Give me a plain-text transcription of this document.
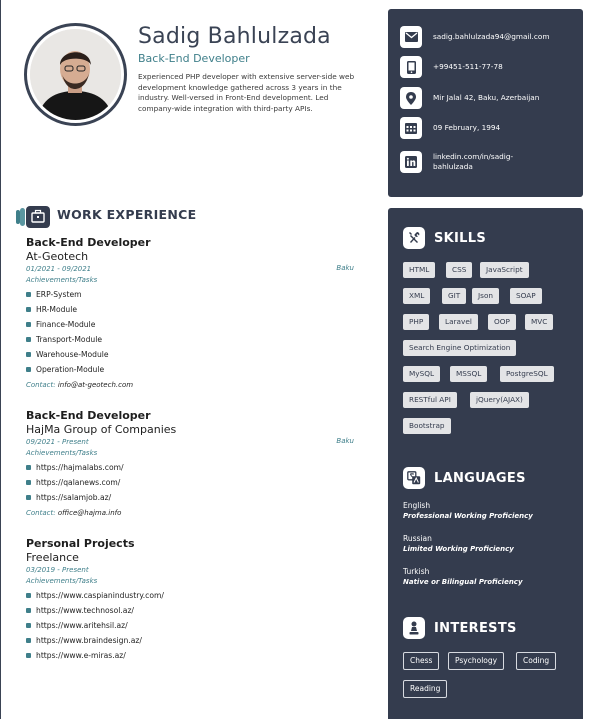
Sadig Bahlulzada
Back-End Developer
Experienced PHP developer with extensive server-side web development knowledge gathered across 3 years in the industry. Well-versed in Front-End development. Led company-wide integration with third-party APIs.
sadig.bahlulzada94@gmail.com
+99451-511-77-78
Mir Jalal 42, Baku, Azerbaijan
09 February, 1994
linkedin.com/in/sadig-bahlulzada
WORK EXPERIENCE
Back-End Developer
At-Geotech
01/2021 - 09/2021	Baku
Achievements/Tasks
ERP-System
HR-Module
Finance-Module
Transport-Module
Warehouse-Module
Operation-Module
Contact: info@at-geotech.com
Back-End Developer
HajMa Group of Companies
09/2021 - Present	Baku
Achievements/Tasks
https://hajmalabs.com/
https://qalanews.com/
https://salamjob.az/
Contact: office@hajma.info
Personal Projects
Freelance
03/2019 - Present
Achievements/Tasks
https://www.caspianindustry.com/
https://www.technosol.az/
https://www.aritehsil.az/
https://www.braindesign.az/
https://www.e-miras.az/
SKILLS
HTML	CSS	JavaScript
XML	GIT	Json	SOAP
PHP	Laravel	OOP	MVC
Search Engine Optimization
MySQL	MSSQL	PostgreSQL
RESTful API	jQuery(AJAX)
Bootstrap
LANGUAGES
English
Professional Working Proficiency
Russian
Limited Working Proficiency
Turkish
Native or Bilingual Proficiency
INTERESTS
Chess	Psychology	Coding
Reading
